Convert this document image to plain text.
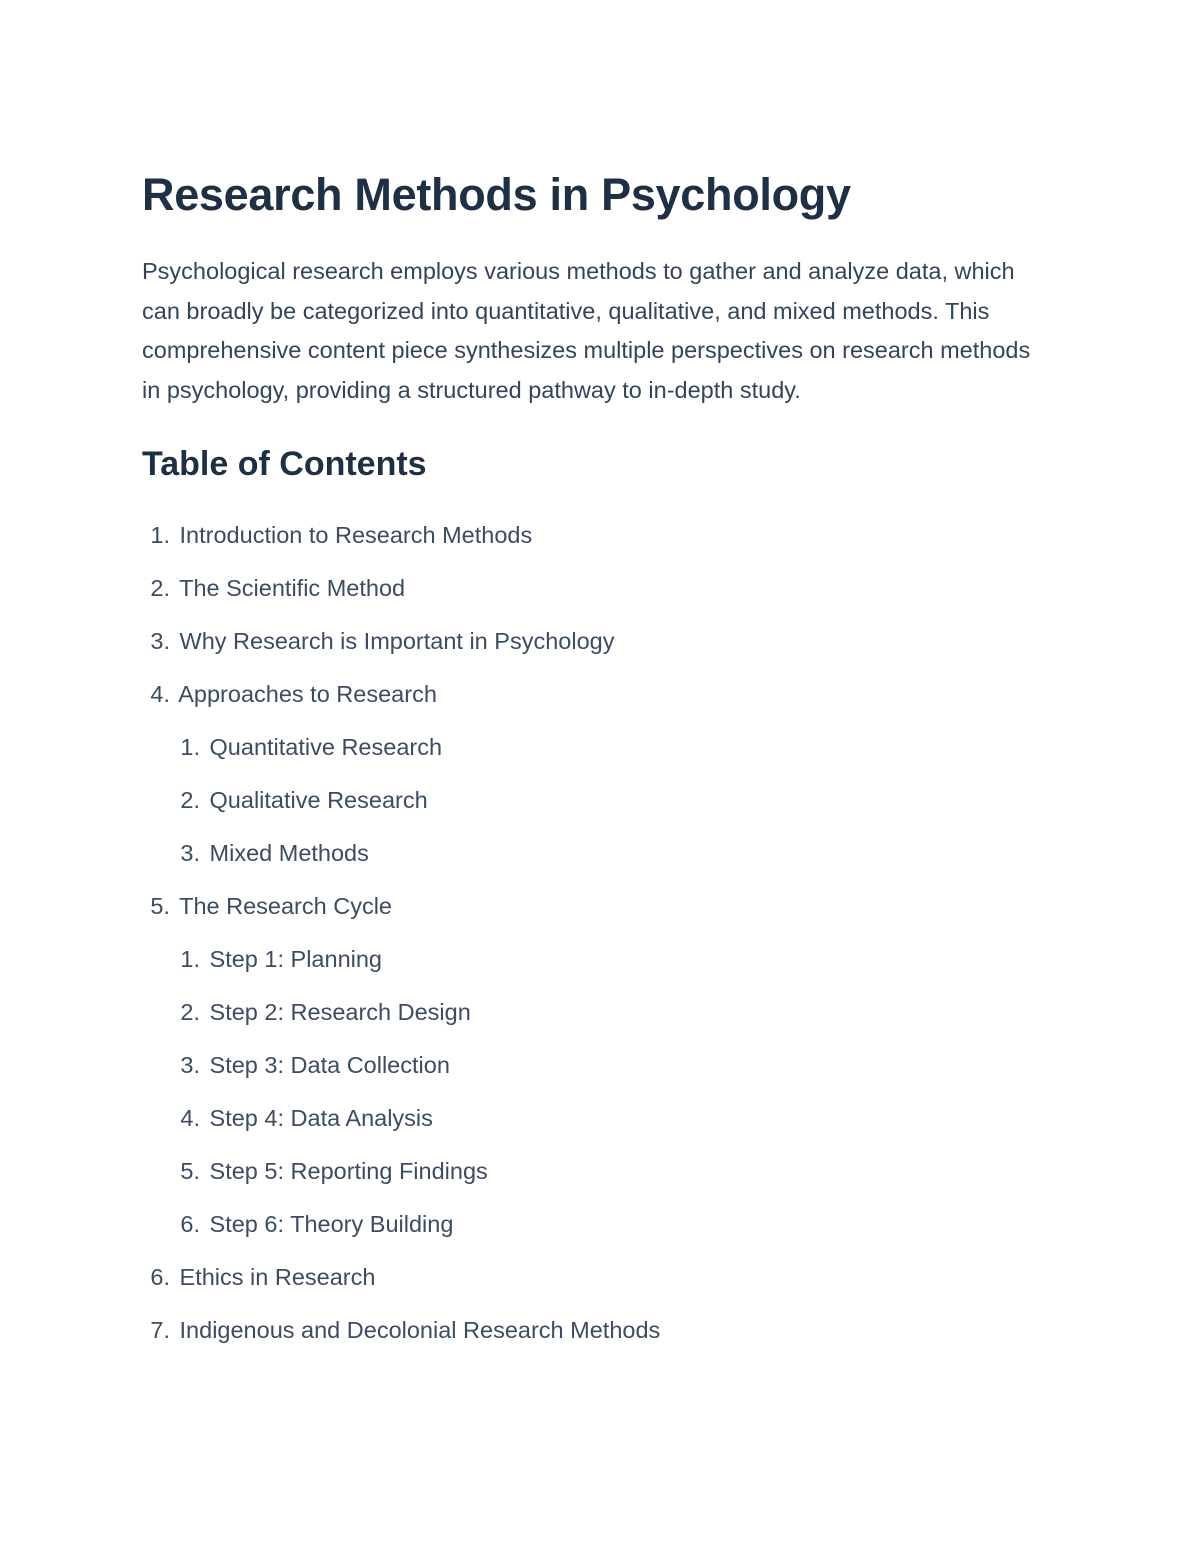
Research Methods in Psychology

Psychological research employs various methods to gather and analyze data, which can broadly be categorized into quantitative, qualitative, and mixed methods. This comprehensive content piece synthesizes multiple perspectives on research methods in psychology, providing a structured pathway to in-depth study.

Table of Contents
1. Introduction to Research Methods
2. The Scientific Method
3. Why Research is Important in Psychology
4. Approaches to Research
1. Quantitative Research
2. Qualitative Research
3. Mixed Methods
5. The Research Cycle
1. Step 1: Planning
2. Step 2: Research Design
3. Step 3: Data Collection
4. Step 4: Data Analysis
5. Step 5: Reporting Findings
6. Step 6: Theory Building
6. Ethics in Research
7. Indigenous and Decolonial Research Methods
